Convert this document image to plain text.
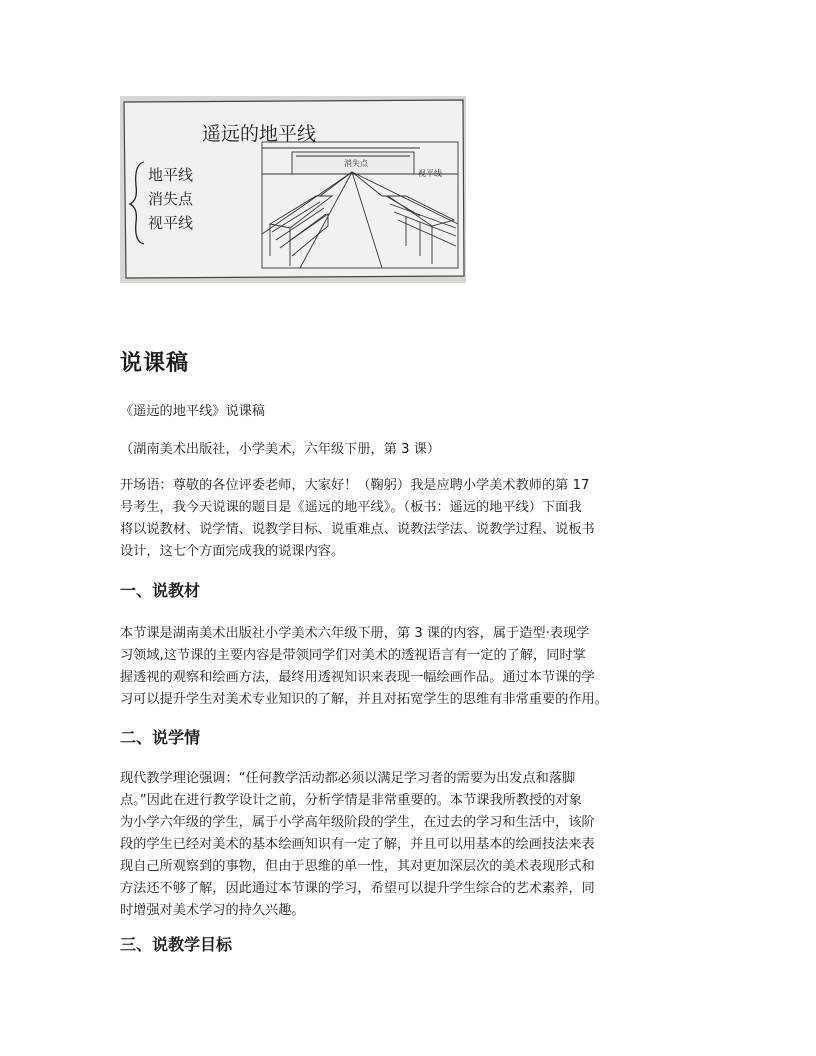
遥远的地平线
地平线
消失点
视平线
消失点
视平线
说课稿

《遥远的地平线》说课稿

（湖南美术出版社，小学美术，六年级下册，第 3 课）

开场语：尊敬的各位评委老师，大家好！（鞠躬）我是应聘小学美术教师的第 17
号考生，我今天说课的题目是《遥远的地平线》。（板书：遥远的地平线）下面我
将以说教材、说学情、说教学目标、说重难点、说教法学法、说教学过程、说板书
设计，这七个方面完成我的说课内容。

一、说教材

本节课是湖南美术出版社小学美术六年级下册，第 3 课的内容，属于造型·表现学
习领域,这节课的主要内容是带领同学们对美术的透视语言有一定的了解，同时掌
握透视的观察和绘画方法，最终用透视知识来表现一幅绘画作品。通过本节课的学
习可以提升学生对美术专业知识的了解，并且对拓宽学生的思维有非常重要的作用。

二、说学情

现代教学理论强调：“任何教学活动都必须以满足学习者的需要为出发点和落脚
点。”因此在进行教学设计之前，分析学情是非常重要的。本节课我所教授的对象
为小学六年级的学生，属于小学高年级阶段的学生，在过去的学习和生活中，该阶
段的学生已经对美术的基本绘画知识有一定了解，并且可以用基本的绘画技法来表
现自己所观察到的事物，但由于思维的单一性，其对更加深层次的美术表现形式和
方法还不够了解，因此通过本节课的学习，希望可以提升学生综合的艺术素养，同
时增强对美术学习的持久兴趣。

三、说教学目标
